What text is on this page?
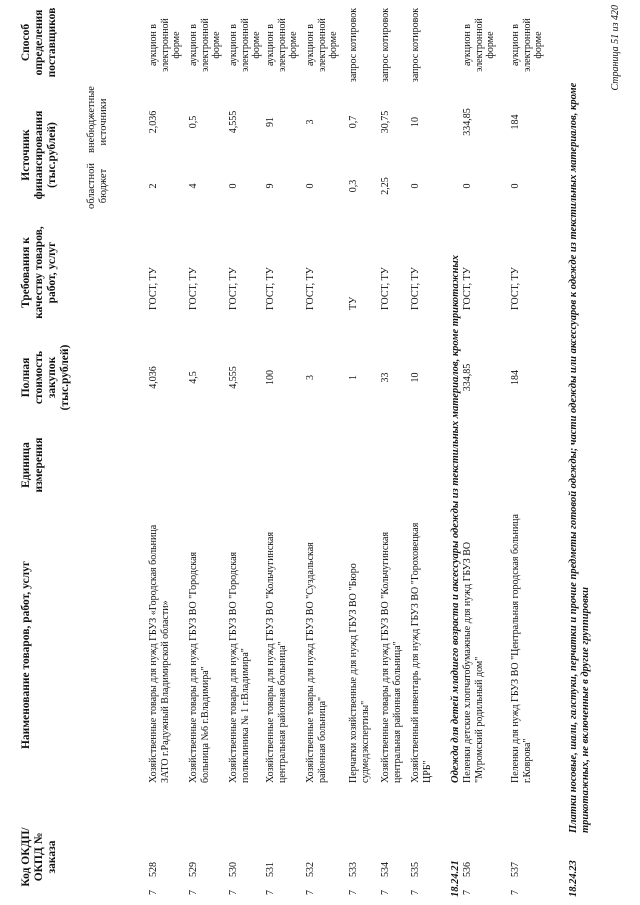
Код ОКДП/ ОКПД № заказа
Наименование товаров, работ, услуг
Единица измерения
Полная стоимость закупок (тыс.рублей)
Требования к качеству товаров, работ, услуг
Источник финансирования (тыс.рублей)	областной бюджет
внебюджетные источники
Способ определения поставщиков
7
528
Хозяйственные товары для нужд ГБУЗ «Городская больница ЗАТО г.Радужный Владимирской области»
4,036
ГОСТ, ТУ
2
2,036
аукцион в электронной форме
7
529
Хозяйственные товары для нужд ГБУЗ ВО "Городская больница №6 г.Владимира"
4,5
ГОСТ, ТУ
4
0,5
аукцион в электронной форме
7
530
Хозяйственные товары для нужд ГБУЗ ВО "Городская поликлиника № 1 г.Владимира"
4,555
ГОСТ, ТУ
0
4,555
аукцион в электронной форме
7
531
Хозяйственные товары для нужд ГБУЗ ВО "Кольчугинская центральная районная больница"
100
ГОСТ, ТУ
9
91
аукцион в электронной форме
7
532
Хозяйственные товары для нужд ГБУЗ ВО "Суздальская районная больница"
3
ГОСТ, ТУ
0
3
аукцион в электронной форме
7
533
Перчатки хозяйственные для нужд ГБУЗ ВО "Бюро судмедэкспертизы"
1
ТУ
0,3
0,7
запрос котировок
7
534
Хозяйственные товары для нужд ГБУЗ ВО "Кольчугинская центральная районная больница"
33
ГОСТ, ТУ
2,25
30,75
запрос котировок
7
535
Хозяйственный инвентарь для нужд ГБУЗ ВО "Гороховецкая ЦРБ"
10
ГОСТ, ТУ
0
10
запрос котировок
18.24.21
Одежда для детей младшего возраста и аксессуары одежды из текстильных материалов, кроме трикотажных
7
536
Пеленки детские хлопчатобумажные для нужд ГБУЗ ВО "Муромский родильный дом"
334,85
ГОСТ, ТУ
0
334,85
аукцион в электронной форме
7
537
Пеленки для нужд ГБУЗ ВО "Центральная городская больница г.Коврова"
184
ГОСТ, ТУ
0
184
аукцион в электронной форме
18.24.23
Платки носовые, шали, галстуки, перчатки и прочие предметы готовой одежды; части одежды или аксессуаров к одежде из текстильных материалов, кроме трикотажных, не включенные в другие группировки
Страница 51 из 420
